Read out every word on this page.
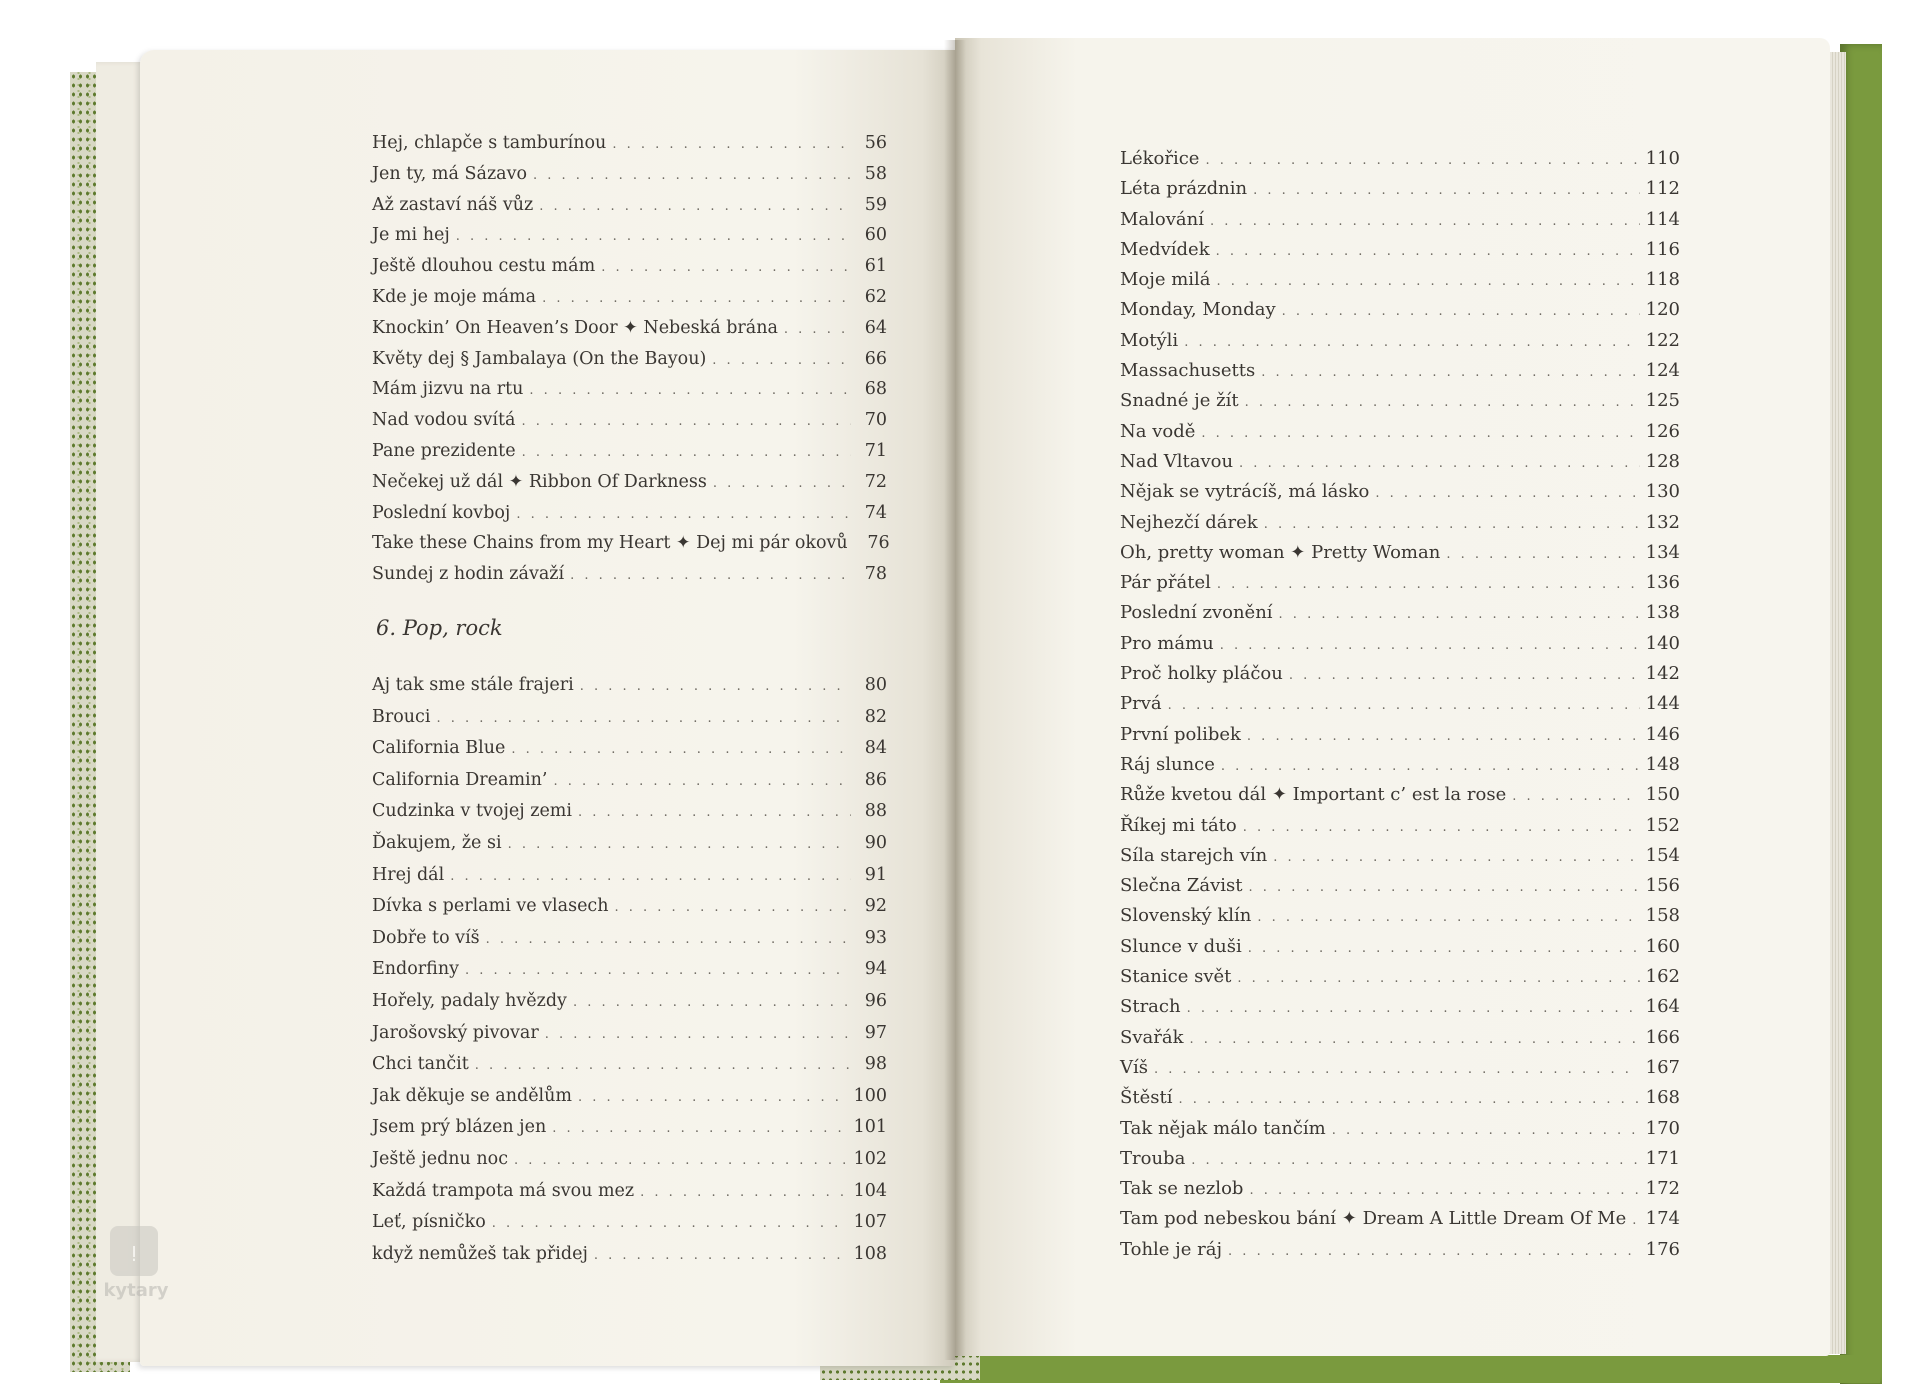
Hej, chlapče s tamburínou . . .	56
Jen ty, má Sázavo . . .	58
Až zastaví náš vůz . . .	59
Je mi hej . . .	60
Ještě dlouhou cestu mám . . .	61
Kde je moje máma . . .	62
Knockin’ On Heaven’s Door ✦ Nebeská brána . . .	64
Květy dej § Jambalaya (On the Bayou) . . .	66
Mám jizvu na rtu . . .	68
Nad vodou svítá . . .	70
Pane prezidente . . .	71
Nečekej už dál ✦ Ribbon Of Darkness . . .	72
Poslední kovboj . . .	74
Take these Chains from my Heart ✦ Dej mi pár okovů	76
Sundej z hodin závaží . . .	78
6. Pop, rock
Aj tak sme stále frajeri . . .	80
Brouci . . .	82
California Blue . . .	84
California Dreamin’ . . .	86
Cudzinka v tvojej zemi . . .	88
Ďakujem, že si . . .	90
Hrej dál . . .	91
Dívka s perlami ve vlasech . . .	92
Dobře to víš . . .	93
Endorfiny . . .	94
Hořely, padaly hvězdy . . .	96
Jarošovský pivovar . . .	97
Chci tančit . . .	98
Jak děkuje se andělům . . .	100
Jsem prý blázen jen . . .	101
Ještě jednu noc . . .	102
Každá trampota má svou mez . . .	104
Leť, písničko . . .	107
když nemůžeš tak přidej . . .	108
Lékořice . . .	110
Léta prázdnin . . .	112
Malování . . .	114
Medvídek . . .	116
Moje milá . . .	118
Monday, Monday . . .	120
Motýli . . .	122
Massachusetts . . .	124
Snadné je žít . . .	125
Na vodě . . .	126
Nad Vltavou . . .	128
Nějak se vytrácíš, má lásko . . .	130
Nejhezčí dárek . . .	132
Oh, pretty woman ✦ Pretty Woman . . .	134
Pár přátel . . .	136
Poslední zvonění . . .	138
Pro mámu . . .	140
Proč holky pláčou . . .	142
Prvá . . .	144
První polibek . . .	146
Ráj slunce . . .	148
Růže kvetou dál ✦ Important c’ est la rose . . .	150
Říkej mi táto . . .	152
Síla starejch vín . . .	154
Slečna Závist . . .	156
Slovenský klín . . .	158
Slunce v duši . . .	160
Stanice svět . . .	162
Strach . . .	164
Svařák . . .	166
Víš . . .	167
Štěstí . . .	168
Tak nějak málo tančím . . .	170
Trouba . . .	171
Tak se nezlob . . .	172
Tam pod nebeskou bání ✦ Dream A Little Dream Of Me . . . 174
Tohle je ráj . . .	176
ı̣
kytary
